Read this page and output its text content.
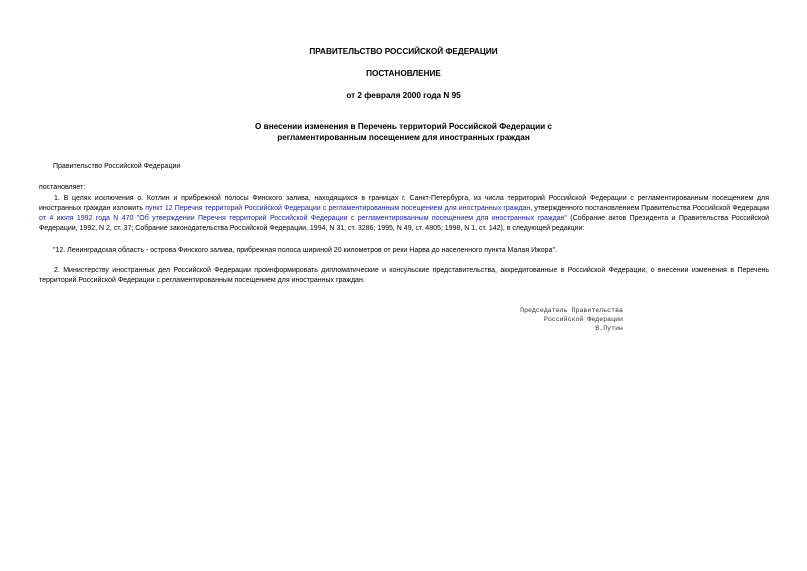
ПРАВИТЕЛЬСТВО РОССИЙСКОЙ ФЕДЕРАЦИИ
ПОСТАНОВЛЕНИЕ
от 2 февраля 2000 года N 95
О внесении изменения в Перечень территорий Российской Федерации с
регламентированным посещением для иностранных граждан
Правительство Российской Федерации
постановляет:
1. В целях исключения о. Котлин и прибрежной полосы Финского залива, находящихся в границах г. Санкт-Петербурга, из числа территорий Российской Федерации с регламентированным посещением для иностранных граждан изложить пункт 12 Перечня территорий Российской Федерации с регламентированным посещением для иностранных граждан, утвержденного постановлением Правительства Российской Федерации от 4 июля 1992 года N 470 "Об утверждении Перечня территорий Российской Федерации с регламентированным посещением для иностранных граждан" (Собрание актов Президента и Правительства Российской Федерации, 1992, N 2, ст. 37; Собрание законодательства Российской Федерации, 1994, N 31, ст. 3286; 1995, N 49, ст. 4805; 1998, N 1, ст. 142), в следующей редакции:
"12. Ленинградская область - острова Финского залива, прибрежная полоса шириной 20 километров от реки Нарва до населенного пункта Малая Ижора".
2. Министерству иностранных дел Российской Федерации проинформировать дипломатические и консульские представительства, аккредитованные в Российской Федерации, о внесении изменения в Перечень территорий Российской Федерации с регламентированным посещением для иностранных граждан.
Председатель Правительства
Российской Федерации
В.Путин
